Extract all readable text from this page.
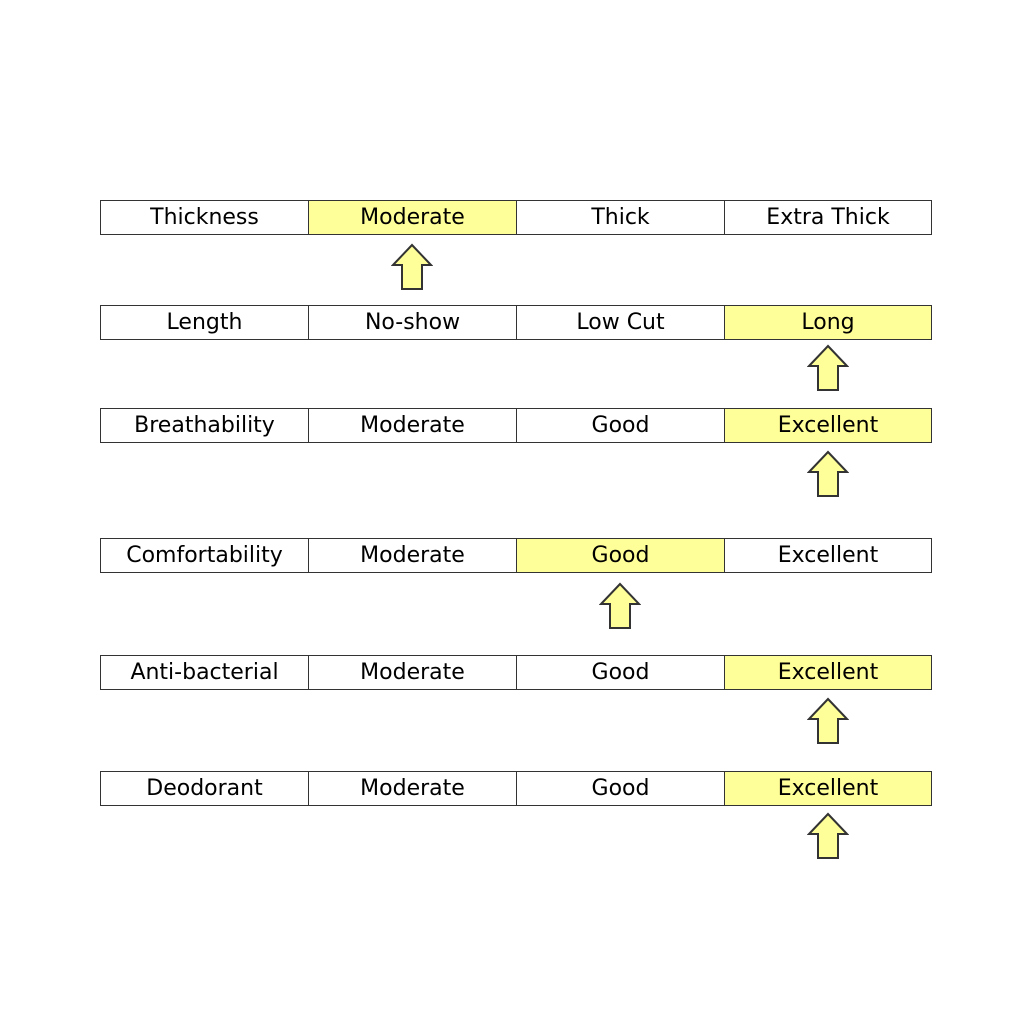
Thickness	Moderate	Thick	Extra Thick
Length	No-show	Low Cut	Long
Breathability	Moderate	Good	Excellent
Comfortability	Moderate	Good	Excellent
Anti-bacterial	Moderate	Good	Excellent
Deodorant	Moderate	Good	Excellent
